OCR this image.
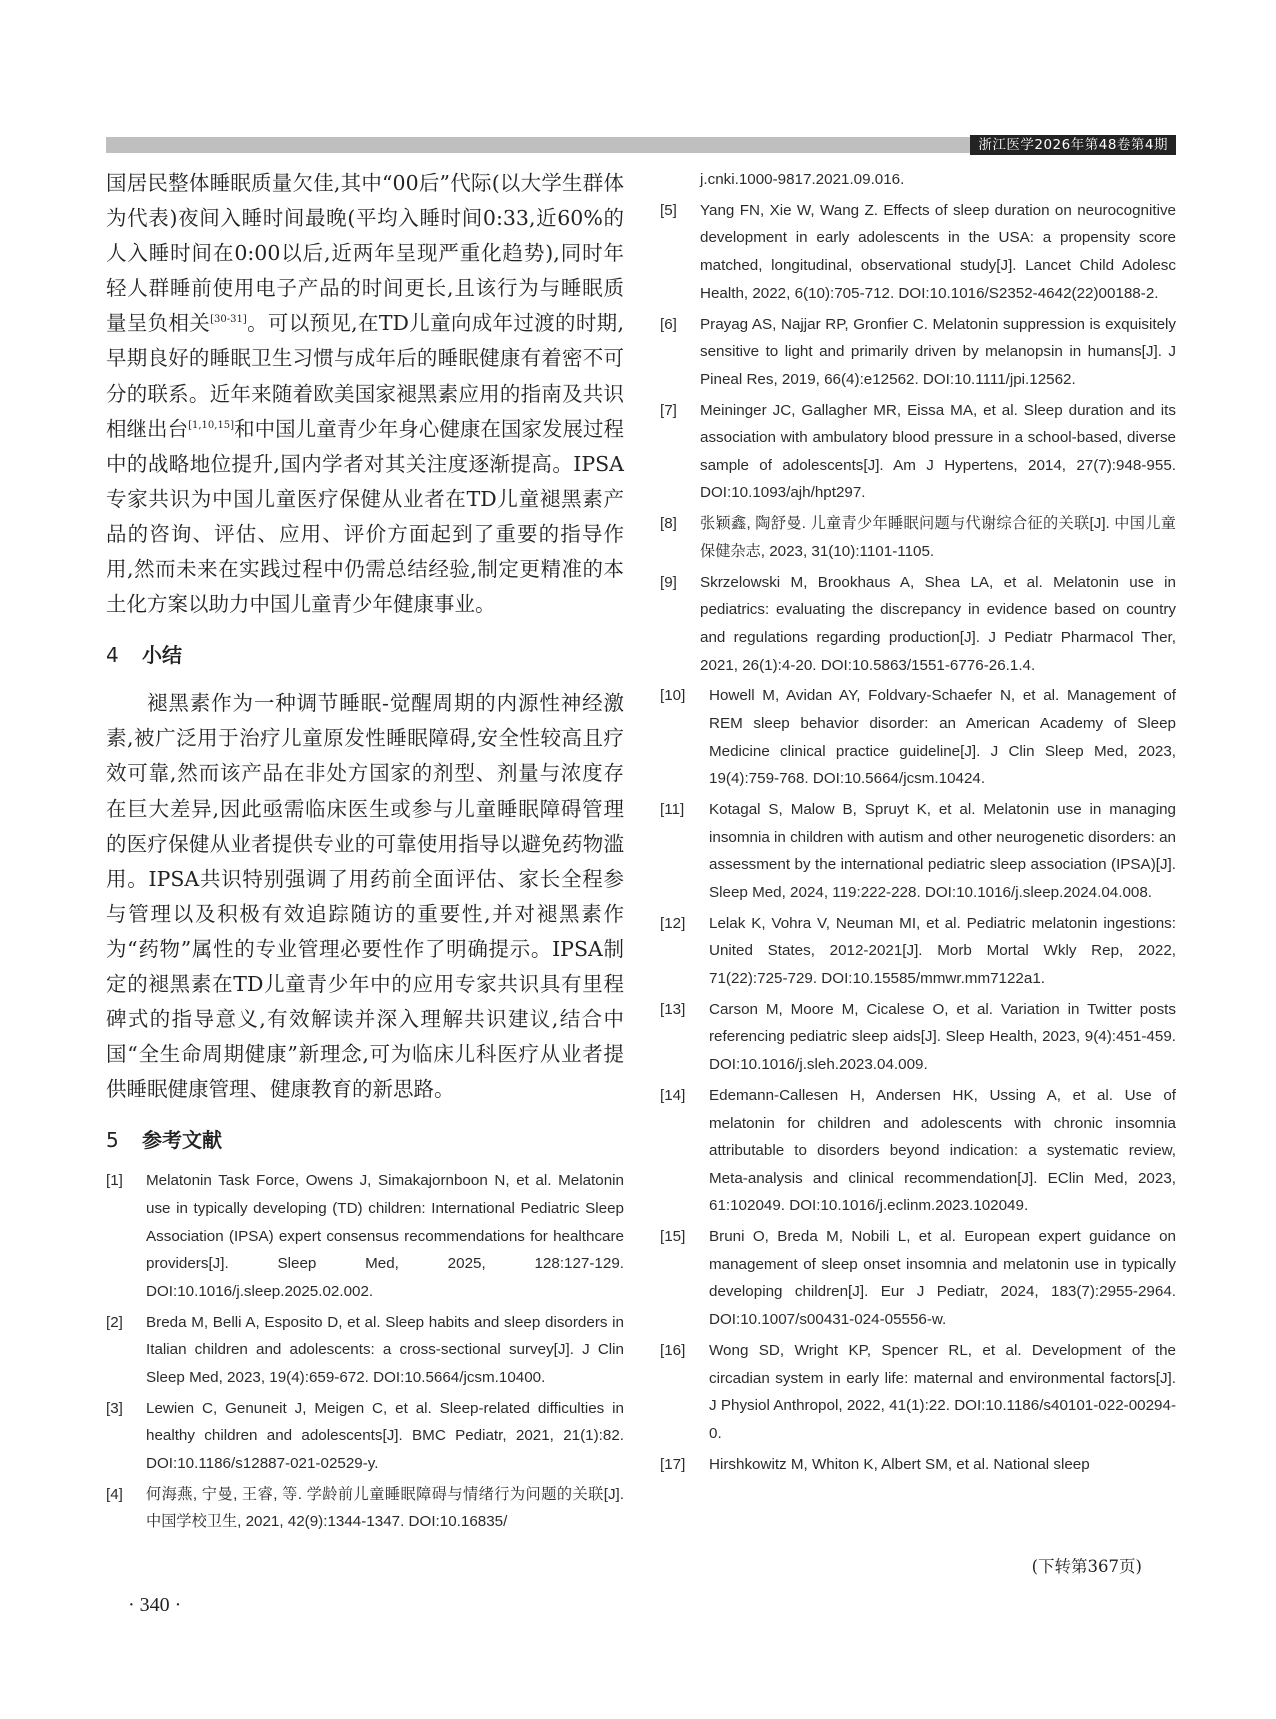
浙江医学2026年第48卷第4期

国居民整体睡眠质量欠佳,其中“00后”代际(以大学生群体为代表)夜间入睡时间最晚(平均入睡时间0:33,近60%的人入睡时间在0:00以后,近两年呈现严重化趋势),同时年轻人群睡前使用电子产品的时间更长,且该行为与睡眠质量呈负相关[30-31]。可以预见,在TD儿童向成年过渡的时期,早期良好的睡眠卫生习惯与成年后的睡眠健康有着密不可分的联系。近年来随着欧美国家褪黑素应用的指南及共识相继出台[1,10,15]和中国儿童青少年身心健康在国家发展过程中的战略地位提升,国内学者对其关注度逐渐提高。IPSA专家共识为中国儿童医疗保健从业者在TD儿童褪黑素产品的咨询、评估、应用、评价方面起到了重要的指导作用,然而未来在实践过程中仍需总结经验,制定更精准的本土化方案以助力中国儿童青少年健康事业。

4 小结

褪黑素作为一种调节睡眠-觉醒周期的内源性神经激素,被广泛用于治疗儿童原发性睡眠障碍,安全性较高且疗效可靠,然而该产品在非处方国家的剂型、剂量与浓度存在巨大差异,因此亟需临床医生或参与儿童睡眠障碍管理的医疗保健从业者提供专业的可靠使用指导以避免药物滥用。IPSA共识特别强调了用药前全面评估、家长全程参与管理以及积极有效追踪随访的重要性,并对褪黑素作为“药物”属性的专业管理必要性作了明确提示。IPSA制定的褪黑素在TD儿童青少年中的应用专家共识具有里程碑式的指导意义,有效解读并深入理解共识建议,结合中国“全生命周期健康”新理念,可为临床儿科医疗从业者提供睡眠健康管理、健康教育的新思路。

5 参考文献
[1]	Melatonin Task Force, Owens J, Simakajornboon N, et al. Melatonin use in typically developing (TD) children: International Pediatric Sleep Association (IPSA) expert consensus recommendations for healthcare providers[J]. Sleep Med, 2025, 128:127-129. DOI:10.1016/j.sleep.2025.02.002.
[2]	Breda M, Belli A, Esposito D, et al. Sleep habits and sleep disorders in Italian children and adolescents: a cross-sectional survey[J]. J Clin Sleep Med, 2023, 19(4):659-672. DOI:10.5664/jcsm.10400.
[3]	Lewien C, Genuneit J, Meigen C, et al. Sleep-related difficulties in healthy children and adolescents[J]. BMC Pediatr, 2021, 21(1):82. DOI:10.1186/s12887-021-02529-y.
[4]	何海燕, 宁曼, 王睿, 等. 学龄前儿童睡眠障碍与情绪行为问题的关联[J]. 中国学校卫生, 2021, 42(9):1344-1347. DOI:10.16835/
j.cnki.1000-9817.2021.09.016.
[5]	Yang FN, Xie W, Wang Z. Effects of sleep duration on neurocognitive development in early adolescents in the USA: a propensity score matched, longitudinal, observational study[J]. Lancet Child Adolesc Health, 2022, 6(10):705-712. DOI:10.1016/S2352-4642(22)00188-2.
[6]	Prayag AS, Najjar RP, Gronfier C. Melatonin suppression is exquisitely sensitive to light and primarily driven by melanopsin in humans[J]. J Pineal Res, 2019, 66(4):e12562. DOI:10.1111/jpi.12562.
[7]	Meininger JC, Gallagher MR, Eissa MA, et al. Sleep duration and its association with ambulatory blood pressure in a school-based, diverse sample of adolescents[J]. Am J Hypertens, 2014, 27(7):948-955. DOI:10.1093/ajh/hpt297.
[8]	张颖鑫, 陶舒曼. 儿童青少年睡眠问题与代谢综合征的关联[J]. 中国儿童保健杂志, 2023, 31(10):1101-1105.
[9]	Skrzelowski M, Brookhaus A, Shea LA, et al. Melatonin use in pediatrics: evaluating the discrepancy in evidence based on country and regulations regarding production[J]. J Pediatr Pharmacol Ther, 2021, 26(1):4-20. DOI:10.5863/1551-6776-26.1.4.
[10]	Howell M, Avidan AY, Foldvary-Schaefer N, et al. Management of REM sleep behavior disorder: an American Academy of Sleep Medicine clinical practice guideline[J]. J Clin Sleep Med, 2023, 19(4):759-768. DOI:10.5664/jcsm.10424.
[11]	Kotagal S, Malow B, Spruyt K, et al. Melatonin use in managing insomnia in children with autism and other neurogenetic disorders: an assessment by the international pediatric sleep association (IPSA)[J]. Sleep Med, 2024, 119:222-228. DOI:10.1016/j.sleep.2024.04.008.
[12]	Lelak K, Vohra V, Neuman MI, et al. Pediatric melatonin ingestions: United States, 2012-2021[J]. Morb Mortal Wkly Rep, 2022, 71(22):725-729. DOI:10.15585/mmwr.mm7122a1.
[13]	Carson M, Moore M, Cicalese O, et al. Variation in Twitter posts referencing pediatric sleep aids[J]. Sleep Health, 2023, 9(4):451-459. DOI:10.1016/j.sleh.2023.04.009.
[14]	Edemann-Callesen H, Andersen HK, Ussing A, et al. Use of melatonin for children and adolescents with chronic insomnia attributable to disorders beyond indication: a systematic review, Meta-analysis and clinical recommendation[J]. EClin Med, 2023, 61:102049. DOI:10.1016/j.eclinm.2023.102049.
[15]	Bruni O, Breda M, Nobili L, et al. European expert guidance on management of sleep onset insomnia and melatonin use in typically developing children[J]. Eur J Pediatr, 2024, 183(7):2955-2964. DOI:10.1007/s00431-024-05556-w.
[16]	Wong SD, Wright KP, Spencer RL, et al. Development of the circadian system in early life: maternal and environmental factors[J]. J Physiol Anthropol, 2022, 41(1):22. DOI:10.1186/s40101-022-00294-0.
[17]	Hirshkowitz M, Whiton K, Albert SM, et al. National sleep
(下转第367页)
· 340 ·
